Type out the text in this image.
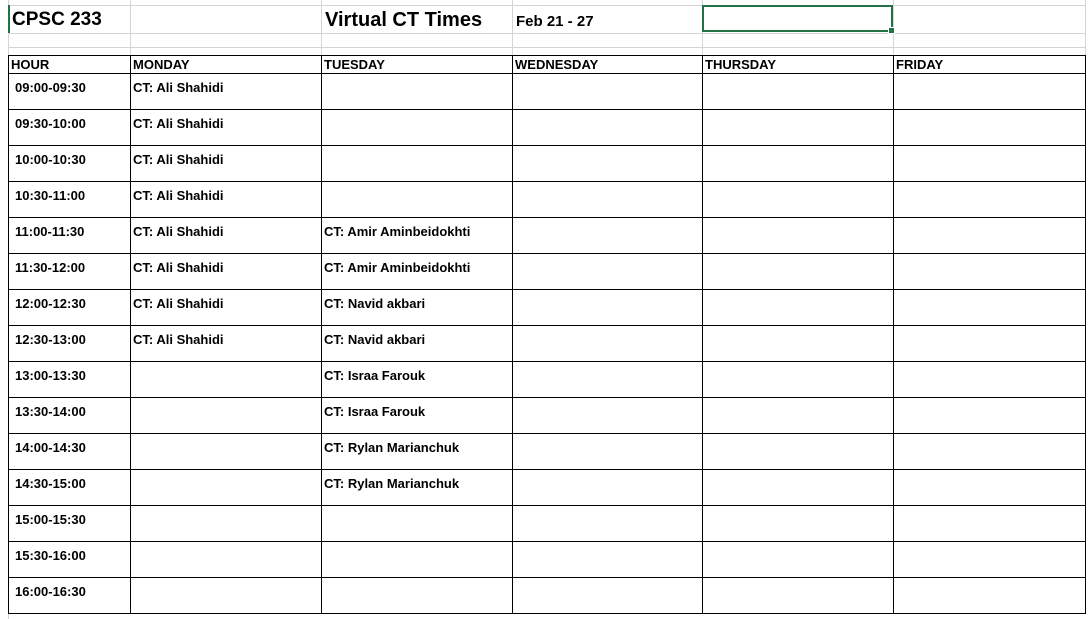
CPSC 233	Virtual CT Times Feb 21 - 27
HOUR	MONDAY	TUESDAY	WEDNESDAY	THURSDAY	FRIDAY
09:00-09:30	CT: Ali Shahidi				
09:30-10:00	CT: Ali Shahidi				
10:00-10:30	CT: Ali Shahidi				
10:30-11:00	CT: Ali Shahidi				
11:00-11:30	CT: Ali Shahidi	CT: Amir Aminbeidokhti			
11:30-12:00	CT: Ali Shahidi	CT: Amir Aminbeidokhti			
12:00-12:30	CT: Ali Shahidi	CT: Navid akbari			
12:30-13:00	CT: Ali Shahidi	CT: Navid akbari			
13:00-13:30		CT: Israa Farouk			
13:30-14:00		CT: Israa Farouk			
14:00-14:30		CT: Rylan Marianchuk			
14:30-15:00		CT: Rylan Marianchuk			
15:00-15:30					
15:30-16:00					
16:00-16:30					
